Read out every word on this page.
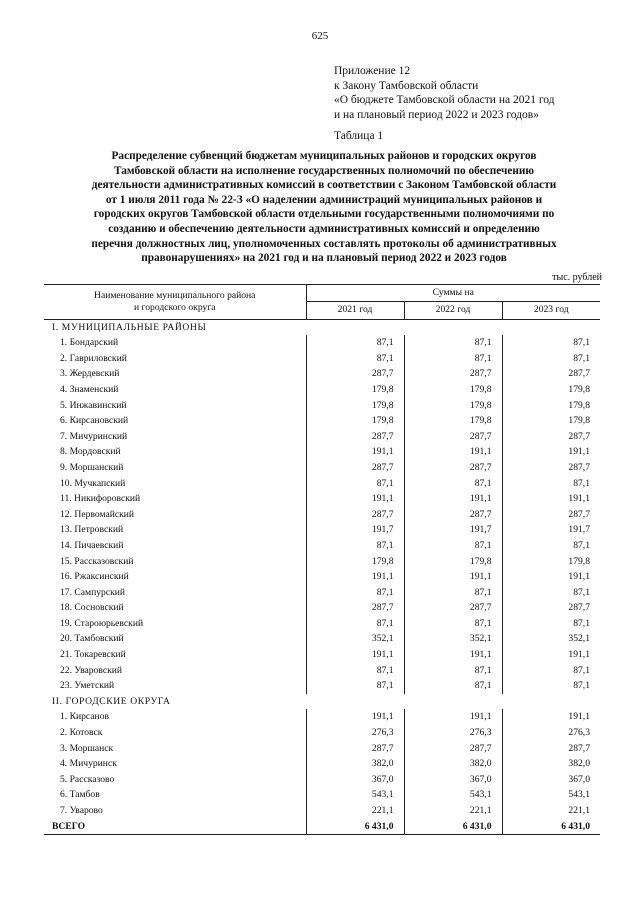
625
Приложение 12
к Закону Тамбовской области
«О бюджете Тамбовской области на 2021 год
и на плановый период 2022 и 2023 годов»
Таблица 1
Распределение субвенций бюджетам муниципальных районов и городских округов
Тамбовской области на исполнение государственных полномочий по обеспечению
деятельности административных комиссий в соответствии с Законом Тамбовской области
от 1 июля 2011 года № 22-З «О наделении администраций муниципальных районов и
городских округов Тамбовской области отдельными государственными полномочиями по
созданию и обеспечению деятельности административных комиссий и определению
перечня должностных лиц, уполномоченных составлять протоколы об административных
правонарушениях» на 2021 год и на плановый период 2022 и 2023 годов
тыс. рублей
Наименование муниципального района
и городского округа	Суммы на		
	2021 год	2022 год	2023 год
I. МУНИЦИПАЛЬНЫЕ РАЙОНЫ			
1. Бондарский	87,1	87,1	87,1
2. Гавриловский	87,1	87,1	87,1
3. Жердевский	287,7	287,7	287,7
4. Знаменский	179,8	179,8	179,8
5. Инжавинский	179,8	179,8	179,8
6. Кирсановский	179,8	179,8	179,8
7. Мичуринский	287,7	287,7	287,7
8. Мордовский	191,1	191,1	191,1
9. Моршанский	287,7	287,7	287,7
10. Мучкапский	87,1	87,1	87,1
11. Никифоровский	191,1	191,1	191,1
12. Первомайский	287,7	287,7	287,7
13. Петровский	191,7	191,7	191,7
14. Пичаевский	87,1	87,1	87,1
15. Рассказовский	179,8	179,8	179,8
16. Ржаксинский	191,1	191,1	191,1
17. Сампурский	87,1	87,1	87,1
18. Сосновский	287,7	287,7	287,7
19. Староюрьевский	87,1	87,1	87,1
20. Тамбовский	352,1	352,1	352,1
21. Токаревский	191,1	191,1	191,1
22. Уваровский	87,1	87,1	87,1
23. Уметский	87,1	87,1	87,1
II. ГОРОДСКИЕ ОКРУГА			
1. Кирсанов	191,1	191,1	191,1
2. Котовск	276,3	276,3	276,3
3. Моршанск	287,7	287,7	287,7
4. Мичуринск	382,0	382,0	382,0
5. Рассказово	367,0	367,0	367,0
6. Тамбов	543,1	543,1	543,1
7. Уварово	221,1	221,1	221,1
ВСЕГО	6 431,0	6 431,0	6 431,0
